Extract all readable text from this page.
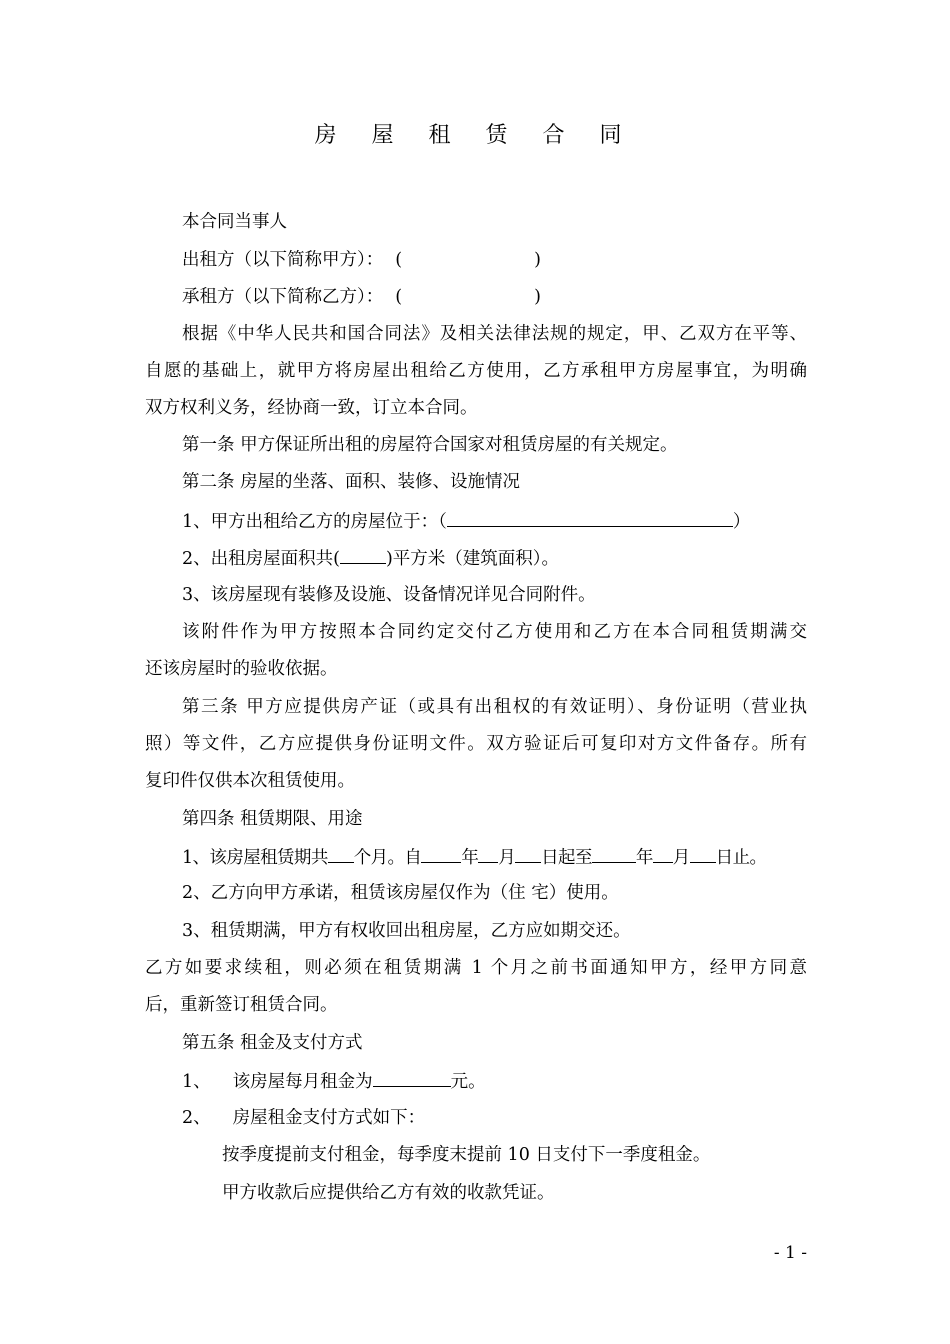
房 屋 租 赁 合 同
本合同当事人
出租方（以下简称甲方）： (	)
承租方（以下简称乙方）： (	)
根据《中华人民共和国合同法》及相关法律法规的规定，甲、乙双方在平等、
自愿的基础上，就甲方将房屋出租给乙方使用，乙方承租甲方房屋事宜，为明确
双方权利义务，经协商一致，订立本合同。
第一条 甲方保证所出租的房屋符合国家对租赁房屋的有关规定。
第二条 房屋的坐落、面积、装修、设施情况
1、甲方出租给乙方的房屋位于：（	）
2、出租房屋面积共(	)平方米（建筑面积）。
3、该房屋现有装修及设施、设备情况详见合同附件。
该附件作为甲方按照本合同约定交付乙方使用和乙方在本合同租赁期满交
还该房屋时的验收依据。
第三条 甲方应提供房产证（或具有出租权的有效证明）、身份证明（营业执
照）等文件，乙方应提供身份证明文件。双方验证后可复印对方文件备存。所有
复印件仅供本次租赁使用。
第四条 租赁期限、用途
1、该房屋租赁期共 个月。自 年 月 日起至	年 月 日止。
2、乙方向甲方承诺，租赁该房屋仅作为（住 宅）使用。
3、租赁期满，甲方有权收回出租房屋，乙方应如期交还。
乙方如要求续租，则必须在租赁期满 1 个月之前书面通知甲方，经甲方同意
后，重新签订租赁合同。
第五条 租金及支付方式
1、 该房屋每月租金为	元。
2、 房屋租金支付方式如下：
按季度提前支付租金，每季度末提前 10 日支付下一季度租金。
甲方收款后应提供给乙方有效的收款凭证。
- 1 -
